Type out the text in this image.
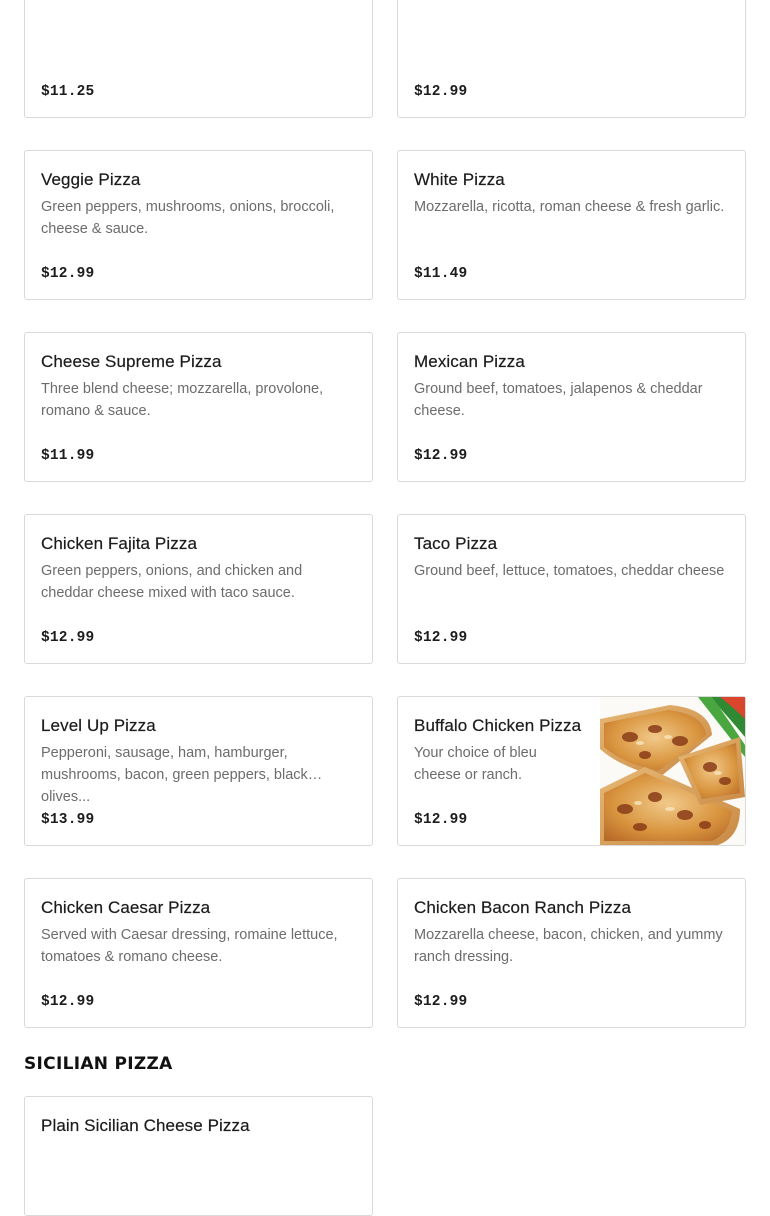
$11.25	$12.99
Veggie Pizza
Green peppers, mushrooms, onions, broccoli, cheese & sauce.
$12.99
White Pizza
Mozzarella, ricotta, roman cheese & fresh garlic.
$11.49
Cheese Supreme Pizza
Three blend cheese; mozzarella, provolone, romano & sauce.
$11.99
Mexican Pizza
Ground beef, tomatoes, jalapenos & cheddar cheese.
$12.99
Chicken Fajita Pizza
Green peppers, onions, and chicken and cheddar cheese mixed with taco sauce.
$12.99
Taco Pizza
Ground beef, lettuce, tomatoes, cheddar cheese
$12.99
Level Up Pizza
Pepperoni, sausage, ham, hamburger, mushrooms, bacon, green peppers, black olives...
$13.99
Buffalo Chicken Pizza
Your choice of bleu cheese or ranch.
$12.99
Chicken Caesar Pizza
Served with Caesar dressing, romaine lettuce, tomatoes & romano cheese.
$12.99
Chicken Bacon Ranch Pizza
Mozzarella cheese, bacon, chicken, and yummy ranch dressing.
$12.99
SICILIAN PIZZA
Plain Sicilian Cheese Pizza
